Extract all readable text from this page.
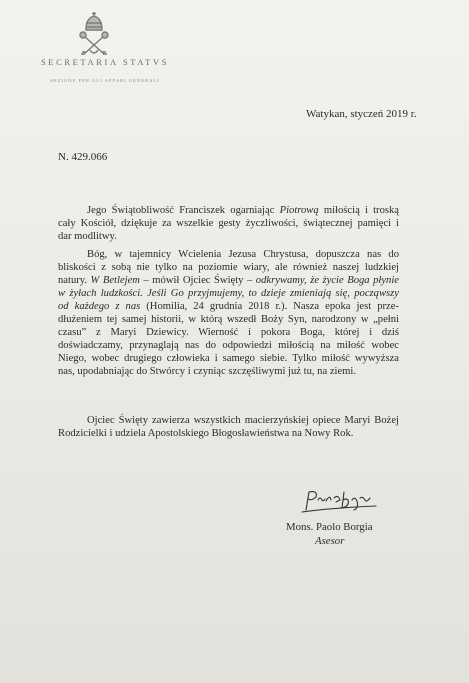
SECRETARIA STATVS
SEZIONE PER GLI AFFARI GENERALI
Watykan, styczeń 2019 r.
N. 429.066
Jego Świątobliwość Franciszek ogarniając Piotrową miłością i troską
cały Kościół, dziękuje za wszelkie gesty życzliwości, świątecznej pamięci i
dar modlitwy.
Bóg, w tajemnicy Wcielenia Jezusa Chrystusa, dopuszcza nas do
bliskości z sobą nie tylko na poziomie wiary, ale również naszej ludzkiej
natury. W Betlejem – mówił Ojciec Święty – odkrywamy, że życie Boga płynie
w żyłach ludzkości. Jeśli Go przyjmujemy, to dzieje zmieniają się, począwszy
od każdego z nas (Homilia, 24 grudnia 2018 r.). Nasza epoka jest prze-
dłużeniem tej samej historii, w którą wszedł Boży Syn, narodzony w „pełni
czasu” z Maryi Dziewicy. Wierność i pokora Boga, której i dziś
doświadczamy, przynaglają nas do odpowiedzi miłością na miłość wobec
Niego, wobec drugiego człowieka i samego siebie. Tylko miłość wywyższa
nas, upodabniając do Stwórcy i czyniąc szczęśliwymi już tu, na ziemi.
Ojciec Święty zawierza wszystkich macierzyńskiej opiece Maryi Bożej
Rodzicielki i udziela Apostolskiego Błogosławieństwa na Nowy Rok.
Mons. Paolo Borgia
Asesor
